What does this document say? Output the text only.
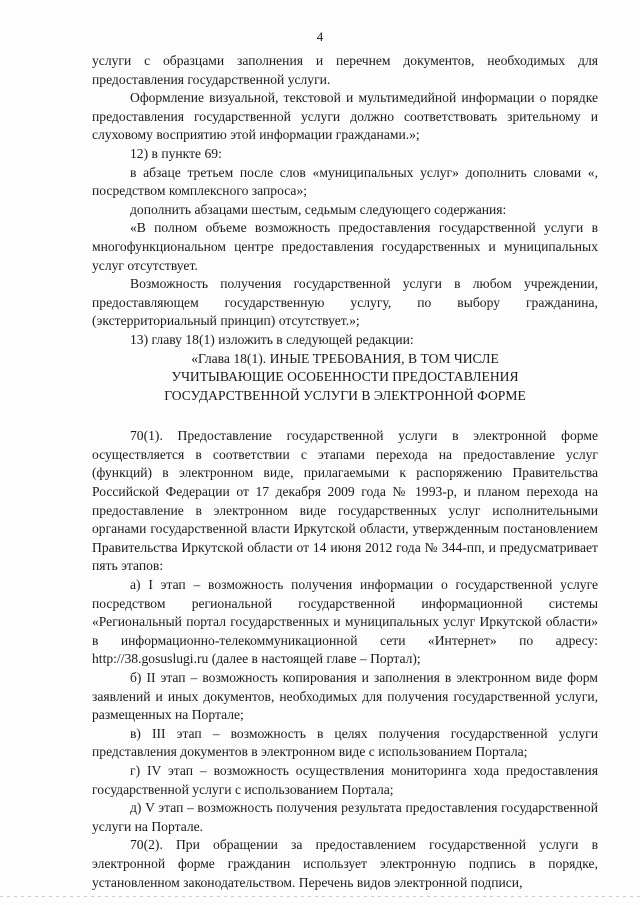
4

услуги с образцами заполнения и перечнем документов, необходимых для предоставления государственной услуги.

Оформление визуальной, текстовой и мультимедийной информации о порядке предоставления государственной услуги должно соответствовать зрительному и слуховому восприятию этой информации гражданами.»;

12) в пункте 69:

в абзаце третьем после слов «муниципальных услуг» дополнить словами «, посредством комплексного запроса»;

дополнить абзацами шестым, седьмым следующего содержания:

«В полном объеме возможность предоставления государственной услуги в многофункциональном центре предоставления государственных и муниципальных услуг отсутствует.

Возможность получения государственной услуги в любом учреждении, предоставляющем государственную услугу, по выбору гражданина, (экстерриториальный принцип) отсутствует.»;

13) главу 18(1) изложить в следующей редакции:

«Глава 18(1). ИНЫЕ ТРЕБОВАНИЯ, В ТОМ ЧИСЛЕ
УЧИТЫВАЮЩИЕ ОСОБЕННОСТИ ПРЕДОСТАВЛЕНИЯ
ГОСУДАРСТВЕННОЙ УСЛУГИ В ЭЛЕКТРОННОЙ ФОРМЕ

70(1). Предоставление государственной услуги в электронной форме осуществляется в соответствии с этапами перехода на предоставление услуг (функций) в электронном виде, прилагаемыми к распоряжению Правительства Российской Федерации от 17 декабря 2009 года № 1993-р, и планом перехода на предоставление в электронном виде государственных услуг исполнительными органами государственной власти Иркутской области, утвержденным постановлением Правительства Иркутской области от 14 июня 2012 года № 344-пп, и предусматривает пять этапов:

а) I этап – возможность получения информации о государственной услуге посредством региональной государственной информационной системы «Региональный портал государственных и муниципальных услуг Иркутской области» в информационно-телекоммуникационной сети «Интернет» по адресу: http://38.gosuslugi.ru (далее в настоящей главе – Портал);

б) II этап – возможность копирования и заполнения в электронном виде форм заявлений и иных документов, необходимых для получения государственной услуги, размещенных на Портале;

в) III этап – возможность в целях получения государственной услуги представления документов в электронном виде с использованием Портала;

г) IV этап – возможность осуществления мониторинга хода предоставления государственной услуги с использованием Портала;

д) V этап – возможность получения результата предоставления государственной услуги на Портале.

70(2). При обращении за предоставлением государственной услуги в электронной форме гражданин использует электронную подпись в порядке, установленном законодательством. Перечень видов электронной подписи,
